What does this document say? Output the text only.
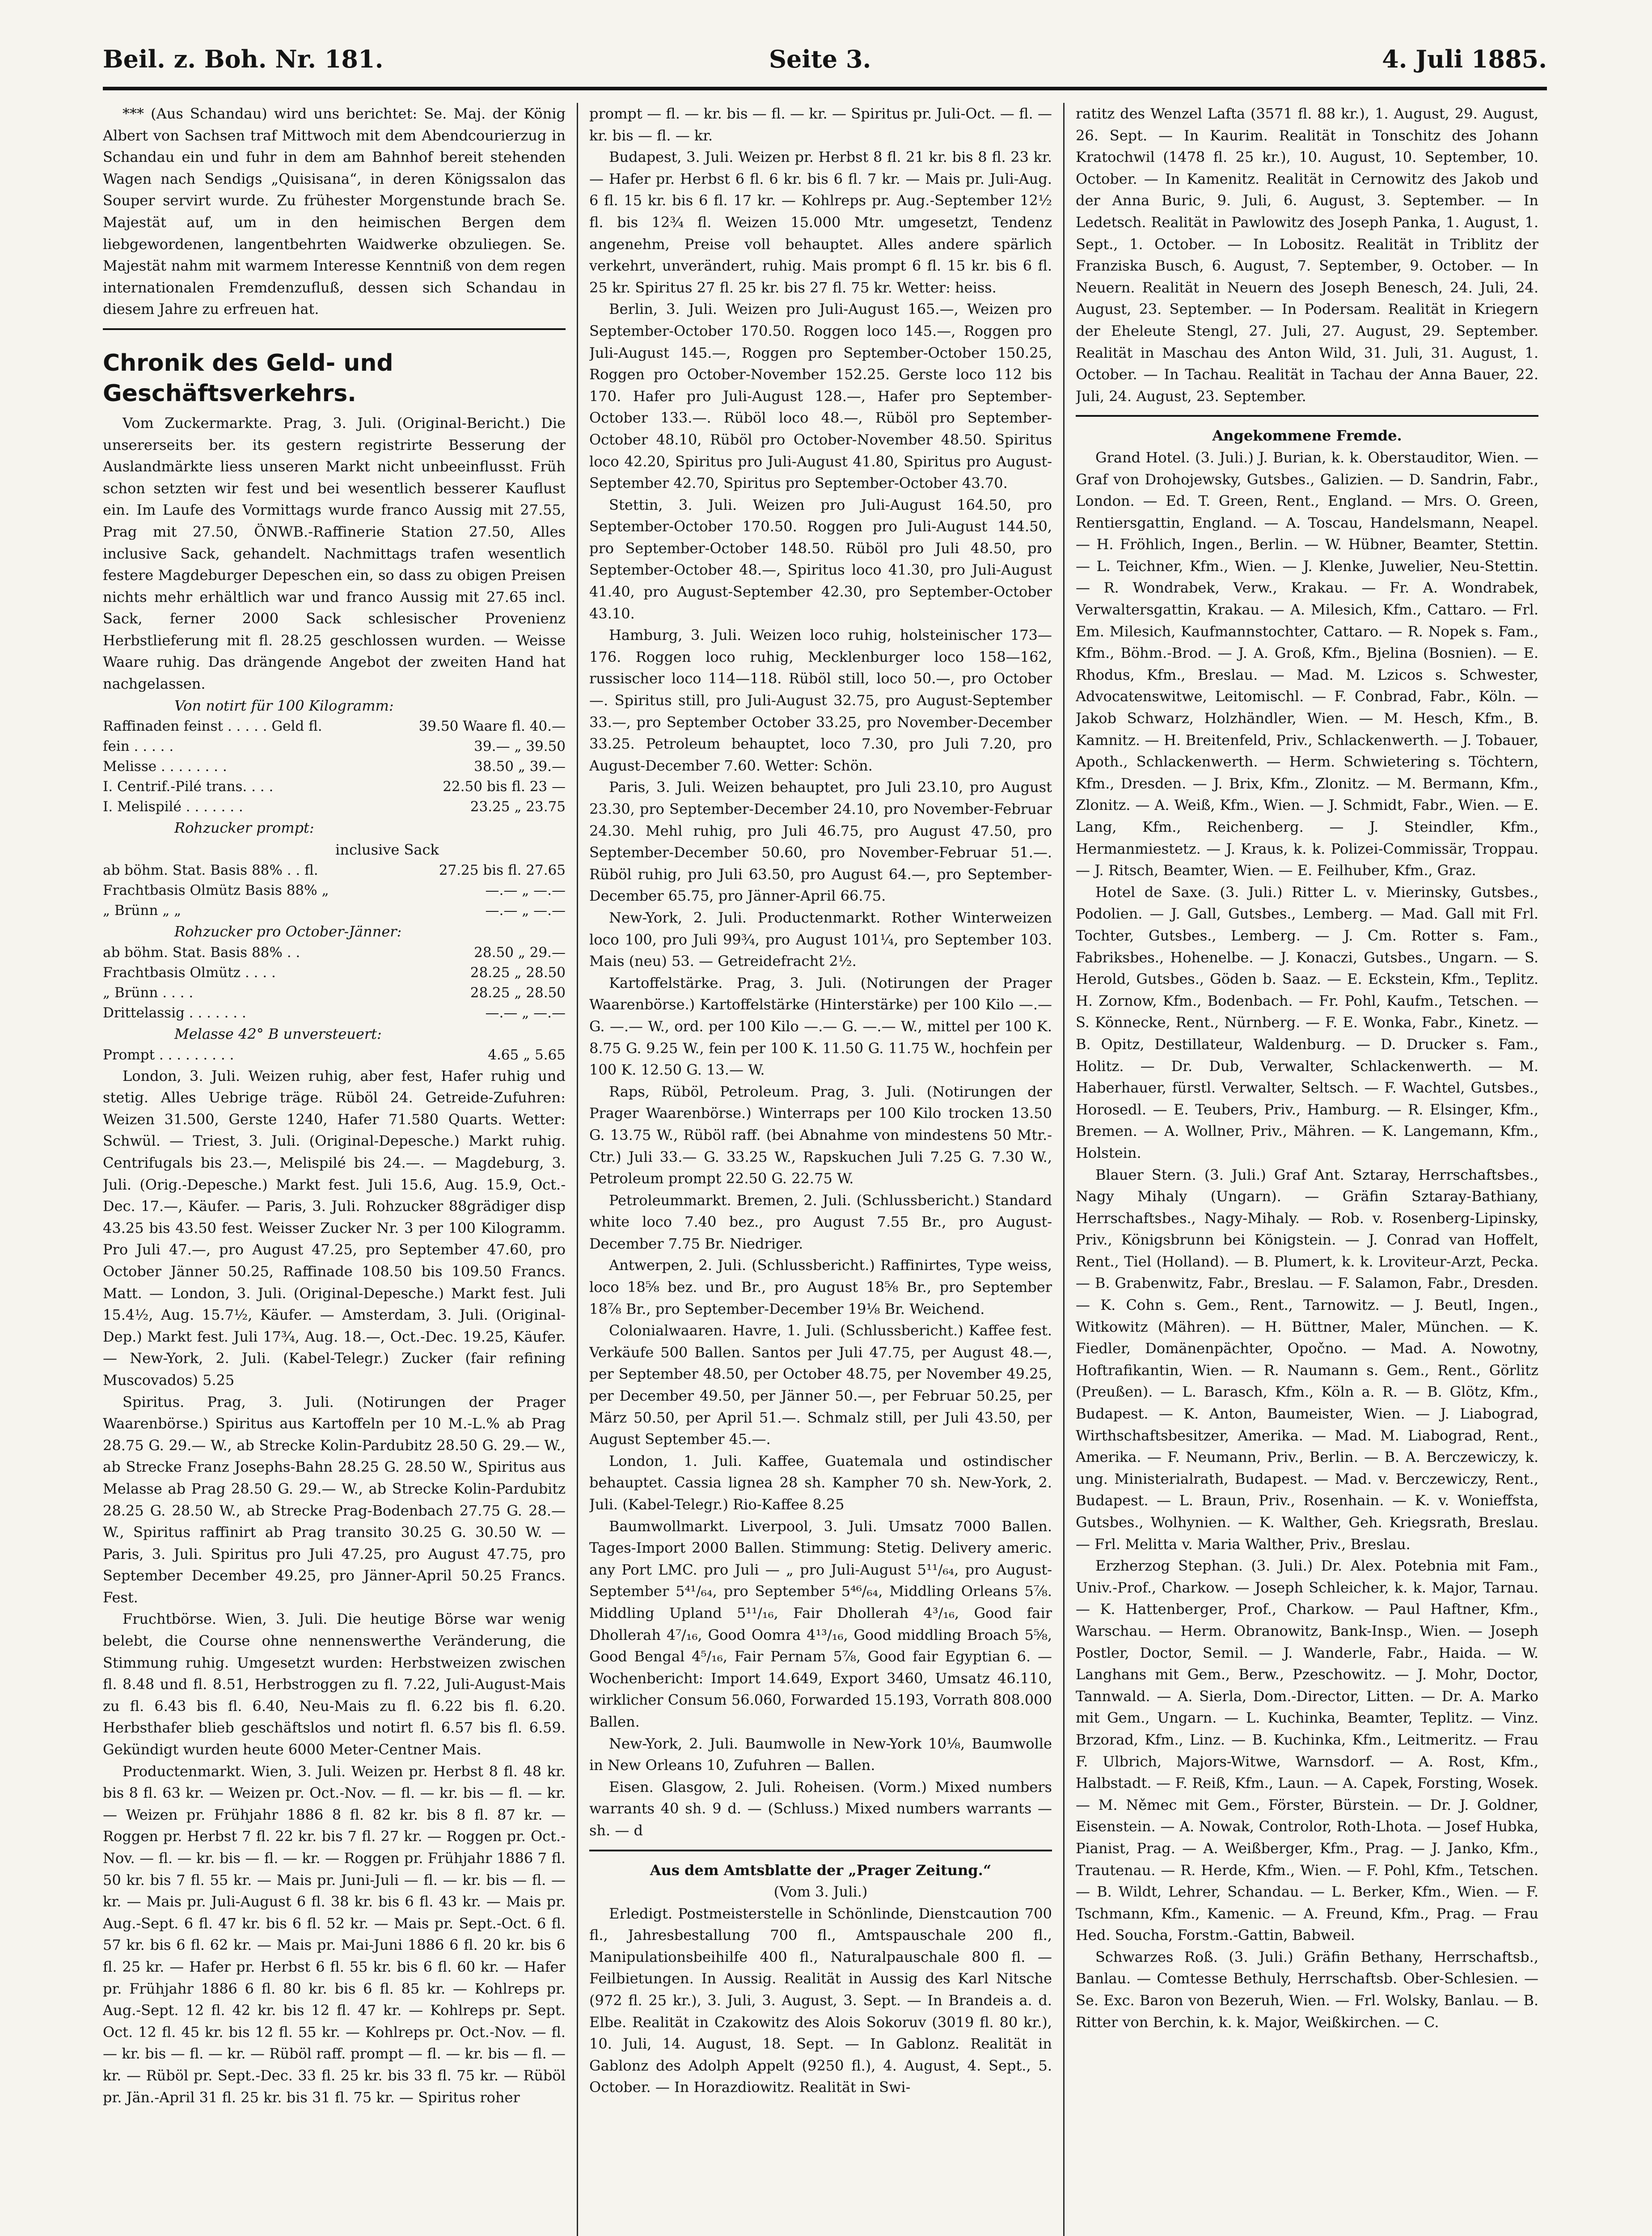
Beil. z. Boh. Nr. 181.	Seite 3.	4. Juli 1885.

*** (Aus Schandau) wird uns berichtet: Se. Maj. der König Albert von Sachsen traf Mittwoch mit dem Abendcourierzug in Schandau ein und fuhr in dem am Bahnhof bereit stehenden Wagen nach Sendigs „Quisisana“, in deren Königssalon das Souper servirt wurde. Zu frühester Morgenstunde brach Se. Majestät auf, um in den heimischen Bergen dem liebgewordenen, langentbehrten Waidwerke obzuliegen. Se. Majestät nahm mit warmem Interesse Kenntniß von dem regen internationalen Fremdenzufluß, dessen sich Schandau in diesem Jahre zu erfreuen hat.

Chronik des Geld- und Geschäftsverkehrs.

Vom Zuckermarkte. Prag, 3. Juli. (Original-Bericht.) Die unsererseits ber. its gestern registrirte Besserung der Auslandmärkte liess unseren Markt nicht unbeeinflusst. Früh schon setzten wir fest und bei wesentlich besserer Kauflust ein. Im Laufe des Vormittags wurde franco Aussig mit 27.55, Prag mit 27.50, ÖNWB.-Raffinerie Station 27.50, Alles inclusive Sack, gehandelt. Nachmittags trafen wesentlich festere Magdeburger Depeschen ein, so dass zu obigen Preisen nichts mehr erhältlich war und franco Aussig mit 27.65 incl. Sack, ferner 2000 Sack schlesischer Provenienz Herbstlieferung mit fl. 28.25 geschlossen wurden. — Weisse Waare ruhig. Das drängende Angebot der zweiten Hand hat nachgelassen.

Von notirt für 100 Kilogramm:

Raffinaden feinst . . . . . Geld fl.	39.50 Waare fl. 40.—
fein . . . . .	39.— „ 39.50
Melisse . . . . . . . .	38.50 „ 39.—
I. Centrif.-Pilé trans. . . .	22.50 bis fl. 23 —
I. Melispilé . . . . . . .	23.25 „ 23.75

Rohzucker prompt:

inclusive Sack

ab böhm. Stat. Basis 88% . . fl.	27.25 bis fl. 27.65
Frachtbasis Olmütz Basis 88% „	—.— „ —.—
„ Brünn „ „	—.— „ —.—

Rohzucker pro October-Jänner:

ab böhm. Stat. Basis 88% . .	28.50 „ 29.—
Frachtbasis Olmütz . . . .	28.25 „ 28.50
„ Brünn . . . .	28.25 „ 28.50
Drittelassig . . . . . . .	—.— „ —.—

Melasse 42° B unversteuert:

Prompt . . . . . . . . .	4.65 „ 5.65

London, 3. Juli. Weizen ruhig, aber fest, Hafer ruhig und stetig. Alles Uebrige träge. Rüböl 24. Getreide-Zufuhren: Weizen 31.500, Gerste 1240, Hafer 71.580 Quarts. Wetter: Schwül. — Triest, 3. Juli. (Original-Depesche.) Markt ruhig. Centrifugals bis 23.—, Melispilé bis 24.—. — Magdeburg, 3. Juli. (Orig.-Depesche.) Markt fest. Juli 15.6, Aug. 15.9, Oct.-Dec. 17.—, Käufer. — Paris, 3. Juli. Rohzucker 88grädiger disp 43.25 bis 43.50 fest. Weisser Zucker Nr. 3 per 100 Kilogramm. Pro Juli 47.—, pro August 47.25, pro September 47.60, pro October Jänner 50.25, Raffinade 108.50 bis 109.50 Francs. Matt. — London, 3. Juli. (Original-Depesche.) Markt fest. Juli 15.4½, Aug. 15.7½, Käufer. — Amsterdam, 3. Juli. (Original-Dep.) Markt fest. Juli 17¾, Aug. 18.—, Oct.-Dec. 19.25, Käufer. — New-York, 2. Juli. (Kabel-Telegr.) Zucker (fair refining Muscovados) 5.25

Spiritus. Prag, 3. Juli. (Notirungen der Prager Waarenbörse.) Spiritus aus Kartoffeln per 10 M.-L.% ab Prag 28.75 G. 29.— W., ab Strecke Kolin-Pardubitz 28.50 G. 29.— W., ab Strecke Franz Josephs-Bahn 28.25 G. 28.50 W., Spiritus aus Melasse ab Prag 28.50 G. 29.— W., ab Strecke Kolin-Pardubitz 28.25 G. 28.50 W., ab Strecke Prag-Bodenbach 27.75 G. 28.— W., Spiritus raffinirt ab Prag transito 30.25 G. 30.50 W. — Paris, 3. Juli. Spiritus pro Juli 47.25, pro August 47.75, pro September December 49.25, pro Jänner-April 50.25 Francs. Fest.

Fruchtbörse. Wien, 3. Juli. Die heutige Börse war wenig belebt, die Course ohne nennenswerthe Veränderung, die Stimmung ruhig. Umgesetzt wurden: Herbstweizen zwischen fl. 8.48 und fl. 8.51, Herbstroggen zu fl. 7.22, Juli-August-Mais zu fl. 6.43 bis fl. 6.40, Neu-Mais zu fl. 6.22 bis fl. 6.20. Herbsthafer blieb geschäftslos und notirt fl. 6.57 bis fl. 6.59. Gekündigt wurden heute 6000 Meter-Centner Mais.

Productenmarkt. Wien, 3. Juli. Weizen pr. Herbst 8 fl. 48 kr. bis 8 fl. 63 kr. — Weizen pr. Oct.-Nov. — fl. — kr. bis — fl. — kr. — Weizen pr. Frühjahr 1886 8 fl. 82 kr. bis 8 fl. 87 kr. — Roggen pr. Herbst 7 fl. 22 kr. bis 7 fl. 27 kr. — Roggen pr. Oct.-Nov. — fl. — kr. bis — fl. — kr. — Roggen pr. Frühjahr 1886 7 fl. 50 kr. bis 7 fl. 55 kr. — Mais pr. Juni-Juli — fl. — kr. bis — fl. — kr. — Mais pr. Juli-August 6 fl. 38 kr. bis 6 fl. 43 kr. — Mais pr. Aug.-Sept. 6 fl. 47 kr. bis 6 fl. 52 kr. — Mais pr. Sept.-Oct. 6 fl. 57 kr. bis 6 fl. 62 kr. — Mais pr. Mai-Juni 1886 6 fl. 20 kr. bis 6 fl. 25 kr. — Hafer pr. Herbst 6 fl. 55 kr. bis 6 fl. 60 kr. — Hafer pr. Frühjahr 1886 6 fl. 80 kr. bis 6 fl. 85 kr. — Kohlreps pr. Aug.-Sept. 12 fl. 42 kr. bis 12 fl. 47 kr. — Kohlreps pr. Sept. Oct. 12 fl. 45 kr. bis 12 fl. 55 kr. — Kohlreps pr. Oct.-Nov. — fl. — kr. bis — fl. — kr. — Rüböl raff. prompt — fl. — kr. bis — fl. — kr. — Rüböl pr. Sept.-Dec. 33 fl. 25 kr. bis 33 fl. 75 kr. — Rüböl pr. Jän.-April 31 fl. 25 kr. bis 31 fl. 75 kr. — Spiritus roher

prompt — fl. — kr. bis — fl. — kr. — Spiritus pr. Juli-Oct. — fl. — kr. bis — fl. — kr.

Budapest, 3. Juli. Weizen pr. Herbst 8 fl. 21 kr. bis 8 fl. 23 kr. — Hafer pr. Herbst 6 fl. 6 kr. bis 6 fl. 7 kr. — Mais pr. Juli-Aug. 6 fl. 15 kr. bis 6 fl. 17 kr. — Kohlreps pr. Aug.-September 12½ fl. bis 12¾ fl. Weizen 15.000 Mtr. umgesetzt, Tendenz angenehm, Preise voll behauptet. Alles andere spärlich verkehrt, unverändert, ruhig. Mais prompt 6 fl. 15 kr. bis 6 fl. 25 kr. Spiritus 27 fl. 25 kr. bis 27 fl. 75 kr. Wetter: heiss.

Berlin, 3. Juli. Weizen pro Juli-August 165.—, Weizen pro September-October 170.50. Roggen loco 145.—, Roggen pro Juli-August 145.—, Roggen pro September-October 150.25, Roggen pro October-November 152.25. Gerste loco 112 bis 170. Hafer pro Juli-August 128.—, Hafer pro September-October 133.—. Rüböl loco 48.—, Rüböl pro September-October 48.10, Rüböl pro October-November 48.50. Spiritus loco 42.20, Spiritus pro Juli-August 41.80, Spiritus pro August-September 42.70, Spiritus pro September-October 43.70.

Stettin, 3. Juli. Weizen pro Juli-August 164.50, pro September-October 170.50. Roggen pro Juli-August 144.50, pro September-October 148.50. Rüböl pro Juli 48.50, pro September-October 48.—, Spiritus loco 41.30, pro Juli-August 41.40, pro August-September 42.30, pro September-October 43.10.

Hamburg, 3. Juli. Weizen loco ruhig, holsteinischer 173—176. Roggen loco ruhig, Mecklenburger loco 158—162, russischer loco 114—118. Rüböl still, loco 50.—, pro October —. Spiritus still, pro Juli-August 32.75, pro August-September 33.—, pro September October 33.25, pro November-December 33.25. Petroleum behauptet, loco 7.30, pro Juli 7.20, pro August-December 7.60. Wetter: Schön.

Paris, 3. Juli. Weizen behauptet, pro Juli 23.10, pro August 23.30, pro September-December 24.10, pro November-Februar 24.30. Mehl ruhig, pro Juli 46.75, pro August 47.50, pro September-December 50.60, pro November-Februar 51.—. Rüböl ruhig, pro Juli 63.50, pro August 64.—, pro September-December 65.75, pro Jänner-April 66.75.

New-York, 2. Juli. Productenmarkt. Rother Winterweizen loco 100, pro Juli 99¾, pro August 101¼, pro September 103. Mais (neu) 53. — Getreidefracht 2½.

Kartoffelstärke. Prag, 3. Juli. (Notirungen der Prager Waarenbörse.) Kartoffelstärke (Hinterstärke) per 100 Kilo —.— G. —.— W., ord. per 100 Kilo —.— G. —.— W., mittel per 100 K. 8.75 G. 9.25 W., fein per 100 K. 11.50 G. 11.75 W., hochfein per 100 K. 12.50 G. 13.— W.

Raps, Rüböl, Petroleum. Prag, 3. Juli. (Notirungen der Prager Waarenbörse.) Winterraps per 100 Kilo trocken 13.50 G. 13.75 W., Rüböl raff. (bei Abnahme von mindestens 50 Mtr.-Ctr.) Juli 33.— G. 33.25 W., Rapskuchen Juli 7.25 G. 7.30 W., Petroleum prompt 22.50 G. 22.75 W.

Petroleummarkt. Bremen, 2. Juli. (Schlussbericht.) Standard white loco 7.40 bez., pro August 7.55 Br., pro August-December 7.75 Br. Niedriger.

Antwerpen, 2. Juli. (Schlussbericht.) Raffinirtes, Type weiss, loco 18⅝ bez. und Br., pro August 18⅝ Br., pro September 18⅞ Br., pro September-December 19⅛ Br. Weichend.

Colonialwaaren. Havre, 1. Juli. (Schlussbericht.) Kaffee fest. Verkäufe 500 Ballen. Santos per Juli 47.75, per August 48.—, per September 48.50, per October 48.75, per November 49.25, per December 49.50, per Jänner 50.—, per Februar 50.25, per März 50.50, per April 51.—. Schmalz still, per Juli 43.50, per August September 45.—.

London, 1. Juli. Kaffee, Guatemala und ostindischer behauptet. Cassia lignea 28 sh. Kampher 70 sh. New-York, 2. Juli. (Kabel-Telegr.) Rio-Kaffee 8.25

Baumwollmarkt. Liverpool, 3. Juli. Umsatz 7000 Ballen. Tages-Import 2000 Ballen. Stimmung: Stetig. Delivery americ. any Port LMC. pro Juli — „ pro Juli-August 5¹¹/₆₄, pro August-September 5⁴¹/₆₄, pro September 5⁴⁶/₆₄, Middling Orleans 5⅞. Middling Upland 5¹¹/₁₆, Fair Dhollerah 4³/₁₆, Good fair Dhollerah 4⁷/₁₆, Good Oomra 4¹³/₁₆, Good middling Broach 5⅝, Good Bengal 4⁵/₁₆, Fair Pernam 5⅞, Good fair Egyptian 6. — Wochenbericht: Import 14.649, Export 3460, Umsatz 46.110, wirklicher Consum 56.060, Forwarded 15.193, Vorrath 808.000 Ballen.

New-York, 2. Juli. Baumwolle in New-York 10⅛, Baumwolle in New Orleans 10, Zufuhren — Ballen.

Eisen. Glasgow, 2. Juli. Roheisen. (Vorm.) Mixed numbers warrants 40 sh. 9 d. — (Schluss.) Mixed numbers warrants — sh. — d

Aus dem Amtsblatte der „Prager Zeitung.“

(Vom 3. Juli.)

Erledigt. Postmeisterstelle in Schönlinde, Dienstcaution 700 fl., Jahresbestallung 700 fl., Amtspauschale 200 fl., Manipulationsbeihilfe 400 fl., Naturalpauschale 800 fl. — Feilbietungen. In Aussig. Realität in Aussig des Karl Nitsche (972 fl. 25 kr.), 3. Juli, 3. August, 3. Sept. — In Brandeis a. d. Elbe. Realität in Czakowitz des Alois Sokoruv (3019 fl. 80 kr.), 10. Juli, 14. August, 18. Sept. — In Gablonz. Realität in Gablonz des Adolph Appelt (9250 fl.), 4. August, 4. Sept., 5. October. — In Horazdiowitz. Realität in Swi-

ratitz des Wenzel Lafta (3571 fl. 88 kr.), 1. August, 29. August, 26. Sept. — In Kaurim. Realität in Tonschitz des Johann Kratochwil (1478 fl. 25 kr.), 10. August, 10. September, 10. October. — In Kamenitz. Realität in Cernowitz des Jakob und der Anna Buric, 9. Juli, 6. August, 3. September. — In Ledetsch. Realität in Pawlowitz des Joseph Panka, 1. August, 1. Sept., 1. October. — In Lobositz. Realität in Triblitz der Franziska Busch, 6. August, 7. September, 9. October. — In Neuern. Realität in Neuern des Joseph Benesch, 24. Juli, 24. August, 23. September. — In Podersam. Realität in Kriegern der Eheleute Stengl, 27. Juli, 27. August, 29. September. Realität in Maschau des Anton Wild, 31. Juli, 31. August, 1. October. — In Tachau. Realität in Tachau der Anna Bauer, 22. Juli, 24. August, 23. September.

Angekommene Fremde.

Grand Hotel. (3. Juli.) J. Burian, k. k. Oberstauditor, Wien. — Graf von Drohojewsky, Gutsbes., Galizien. — D. Sandrin, Fabr., London. — Ed. T. Green, Rent., England. — Mrs. O. Green, Rentiersgattin, England. — A. Toscau, Handelsmann, Neapel. — H. Fröhlich, Ingen., Berlin. — W. Hübner, Beamter, Stettin. — L. Teichner, Kfm., Wien. — J. Klenke, Juwelier, Neu-Stettin. — R. Wondrabek, Verw., Krakau. — Fr. A. Wondrabek, Verwaltersgattin, Krakau. — A. Milesich, Kfm., Cattaro. — Frl. Em. Milesich, Kaufmannstochter, Cattaro. — R. Nopek s. Fam., Kfm., Böhm.-Brod. — J. A. Groß, Kfm., Bjelina (Bosnien). — E. Rhodus, Kfm., Breslau. — Mad. M. Lzicos s. Schwester, Advocatenswitwe, Leitomischl. — F. Conbrad, Fabr., Köln. — Jakob Schwarz, Holzhändler, Wien. — M. Hesch, Kfm., B. Kamnitz. — H. Breitenfeld, Priv., Schlackenwerth. — J. Tobauer, Apoth., Schlackenwerth. — Herm. Schwietering s. Töchtern, Kfm., Dresden. — J. Brix, Kfm., Zlonitz. — M. Bermann, Kfm., Zlonitz. — A. Weiß, Kfm., Wien. — J. Schmidt, Fabr., Wien. — E. Lang, Kfm., Reichenberg. — J. Steindler, Kfm., Hermanmiestetz. — J. Kraus, k. k. Polizei-Commissär, Troppau. — J. Ritsch, Beamter, Wien. — E. Feilhuber, Kfm., Graz.

Hotel de Saxe. (3. Juli.) Ritter L. v. Mierinsky, Gutsbes., Podolien. — J. Gall, Gutsbes., Lemberg. — Mad. Gall mit Frl. Tochter, Gutsbes., Lemberg. — J. Cm. Rotter s. Fam., Fabriksbes., Hohenelbe. — J. Konaczi, Gutsbes., Ungarn. — S. Herold, Gutsbes., Göden b. Saaz. — E. Eckstein, Kfm., Teplitz. H. Zornow, Kfm., Bodenbach. — Fr. Pohl, Kaufm., Tetschen. — S. Könnecke, Rent., Nürnberg. — F. E. Wonka, Fabr., Kinetz. — B. Opitz, Destillateur, Waldenburg. — D. Drucker s. Fam., Holitz. — Dr. Dub, Verwalter, Schlackenwerth. — M. Haberhauer, fürstl. Verwalter, Seltsch. — F. Wachtel, Gutsbes., Horosedl. — E. Teubers, Priv., Hamburg. — R. Elsinger, Kfm., Bremen. — A. Wollner, Priv., Mähren. — K. Langemann, Kfm., Holstein.

Blauer Stern. (3. Juli.) Graf Ant. Sztaray, Herrschaftsbes., Nagy Mihaly (Ungarn). — Gräfin Sztaray-Bathiany, Herrschaftsbes., Nagy-Mihaly. — Rob. v. Rosenberg-Lipinsky, Priv., Königsbrunn bei Königstein. — J. Conrad van Hoffelt, Rent., Tiel (Holland). — B. Plumert, k. k. Lroviteur-Arzt, Pecka. — B. Grabenwitz, Fabr., Breslau. — F. Salamon, Fabr., Dresden. — K. Cohn s. Gem., Rent., Tarnowitz. — J. Beutl, Ingen., Witkowitz (Mähren). — H. Büttner, Maler, München. — K. Fiedler, Domänenpächter, Opočno. — Mad. A. Nowotny, Hoftrafikantin, Wien. — R. Naumann s. Gem., Rent., Görlitz (Preußen). — L. Barasch, Kfm., Köln a. R. — B. Glötz, Kfm., Budapest. — K. Anton, Baumeister, Wien. — J. Liabograd, Wirthschaftsbesitzer, Amerika. — Mad. M. Liabograd, Rent., Amerika. — F. Neumann, Priv., Berlin. — B. A. Berczewiczy, k. ung. Ministerialrath, Budapest. — Mad. v. Berczewiczy, Rent., Budapest. — L. Braun, Priv., Rosenhain. — K. v. Wonieffsta, Gutsbes., Wolhynien. — K. Walther, Geh. Kriegsrath, Breslau. — Frl. Melitta v. Maria Walther, Priv., Breslau.

Erzherzog Stephan. (3. Juli.) Dr. Alex. Potebnia mit Fam., Univ.-Prof., Charkow. — Joseph Schleicher, k. k. Major, Tarnau. — K. Hattenberger, Prof., Charkow. — Paul Haftner, Kfm., Warschau. — Herm. Obranowitz, Bank-Insp., Wien. — Joseph Postler, Doctor, Semil. — J. Wanderle, Fabr., Haida. — W. Langhans mit Gem., Berw., Pzeschowitz. — J. Mohr, Doctor, Tannwald. — A. Sierla, Dom.-Director, Litten. — Dr. A. Marko mit Gem., Ungarn. — L. Kuchinka, Beamter, Teplitz. — Vinz. Brzorad, Kfm., Linz. — B. Kuchinka, Kfm., Leitmeritz. — Frau F. Ulbrich, Majors-Witwe, Warnsdorf. — A. Rost, Kfm., Halbstadt. — F. Reiß, Kfm., Laun. — A. Capek, Forsting, Wosek. — M. Němec mit Gem., Förster, Bürstein. — Dr. J. Goldner, Eisenstein. — A. Nowak, Controlor, Roth-Lhota. — Josef Hubka, Pianist, Prag. — A. Weißberger, Kfm., Prag. — J. Janko, Kfm., Trautenau. — R. Herde, Kfm., Wien. — F. Pohl, Kfm., Tetschen. — B. Wildt, Lehrer, Schandau. — L. Berker, Kfm., Wien. — F. Tschmann, Kfm., Kamenic. — A. Freund, Kfm., Prag. — Frau Hed. Soucha, Forstm.-Gattin, Babweil.

Schwarzes Roß. (3. Juli.) Gräfin Bethany, Herrschaftsb., Banlau. — Comtesse Bethuly, Herrschaftsb. Ober-Schlesien. — Se. Exc. Baron von Bezeruh, Wien. — Frl. Wolsky, Banlau. — B. Ritter von Berchin, k. k. Major, Weißkirchen. — C.
